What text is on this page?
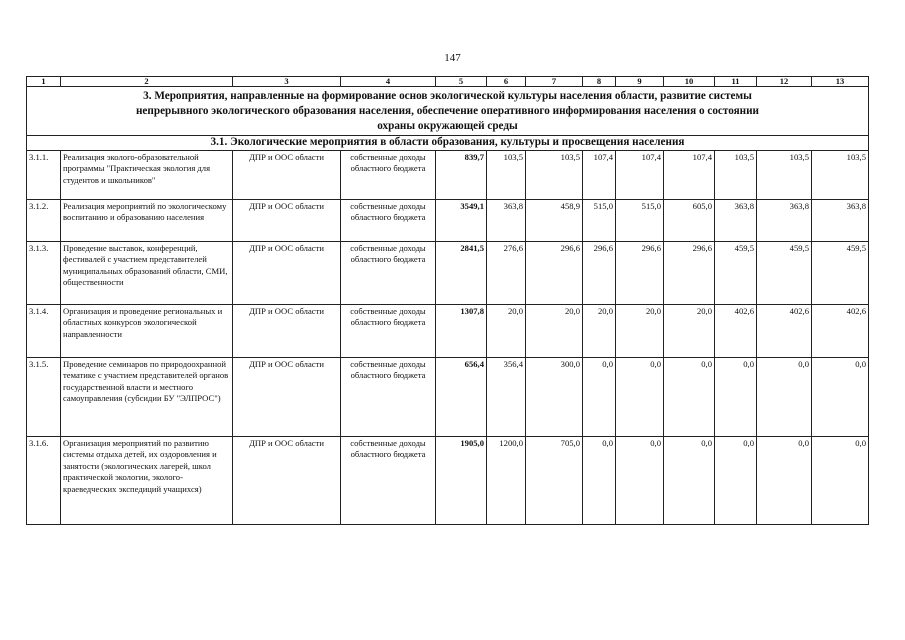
147
1	2	3	4	5	6	7	8	9	10	11	12	13
3. Мероприятия, направленные на формирование основ экологической культуры населения области, развитие системы непрерывного экологического образования населения, обеспечение оперативного информирования населения о состоянии охраны окружающей среды												
3.1. Экологические мероприятия в области образования, культуры и просвещения населения												
3.1.1.	Реализация эколого-образовательной программы "Практическая экология для студентов и школьников"	ДПР и ООС области	собственные доходы областного бюджета	839,7	103,5	103,5	107,4	107,4	107,4	103,5	103,5	103,5
3.1.2.	Реализация мероприятий по экологическому воспитанию и образованию населения	ДПР и ООС области	собственные доходы областного бюджета	3549,1	363,8	458,9	515,0	515,0	605,0	363,8	363,8	363,8
3.1.3.	Проведение выставок, конференций, фестивалей с участием представителей муниципальных образований области, СМИ, общественности	ДПР и ООС области	собственные доходы областного бюджета	2841,5	276,6	296,6	296,6	296,6	296,6	459,5	459,5	459,5
3.1.4.	Организация и проведение региональных и областных конкурсов экологической направленности	ДПР и ООС области	собственные доходы областного бюджета	1307,8	20,0	20,0	20,0	20,0	20,0	402,6	402,6	402,6
3.1.5.	Проведение семинаров по природоохранной тематике с участием представителей органов государственной власти и местного самоуправления (субсидии БУ "ЭЛПРОС")	ДПР и ООС области	собственные доходы областного бюджета	656,4	356,4	300,0	0,0	0,0	0,0	0,0	0,0	0,0
3.1.6.	Организация мероприятий по развитию системы отдыха детей, их оздоровления и занятости (экологических лагерей, школ практической экологии, эколого-краеведческих экспедиций учащихся)	ДПР и ООС области	собственные доходы областного бюджета	1905,0	1200,0	705,0	0,0	0,0	0,0	0,0	0,0	0,0
